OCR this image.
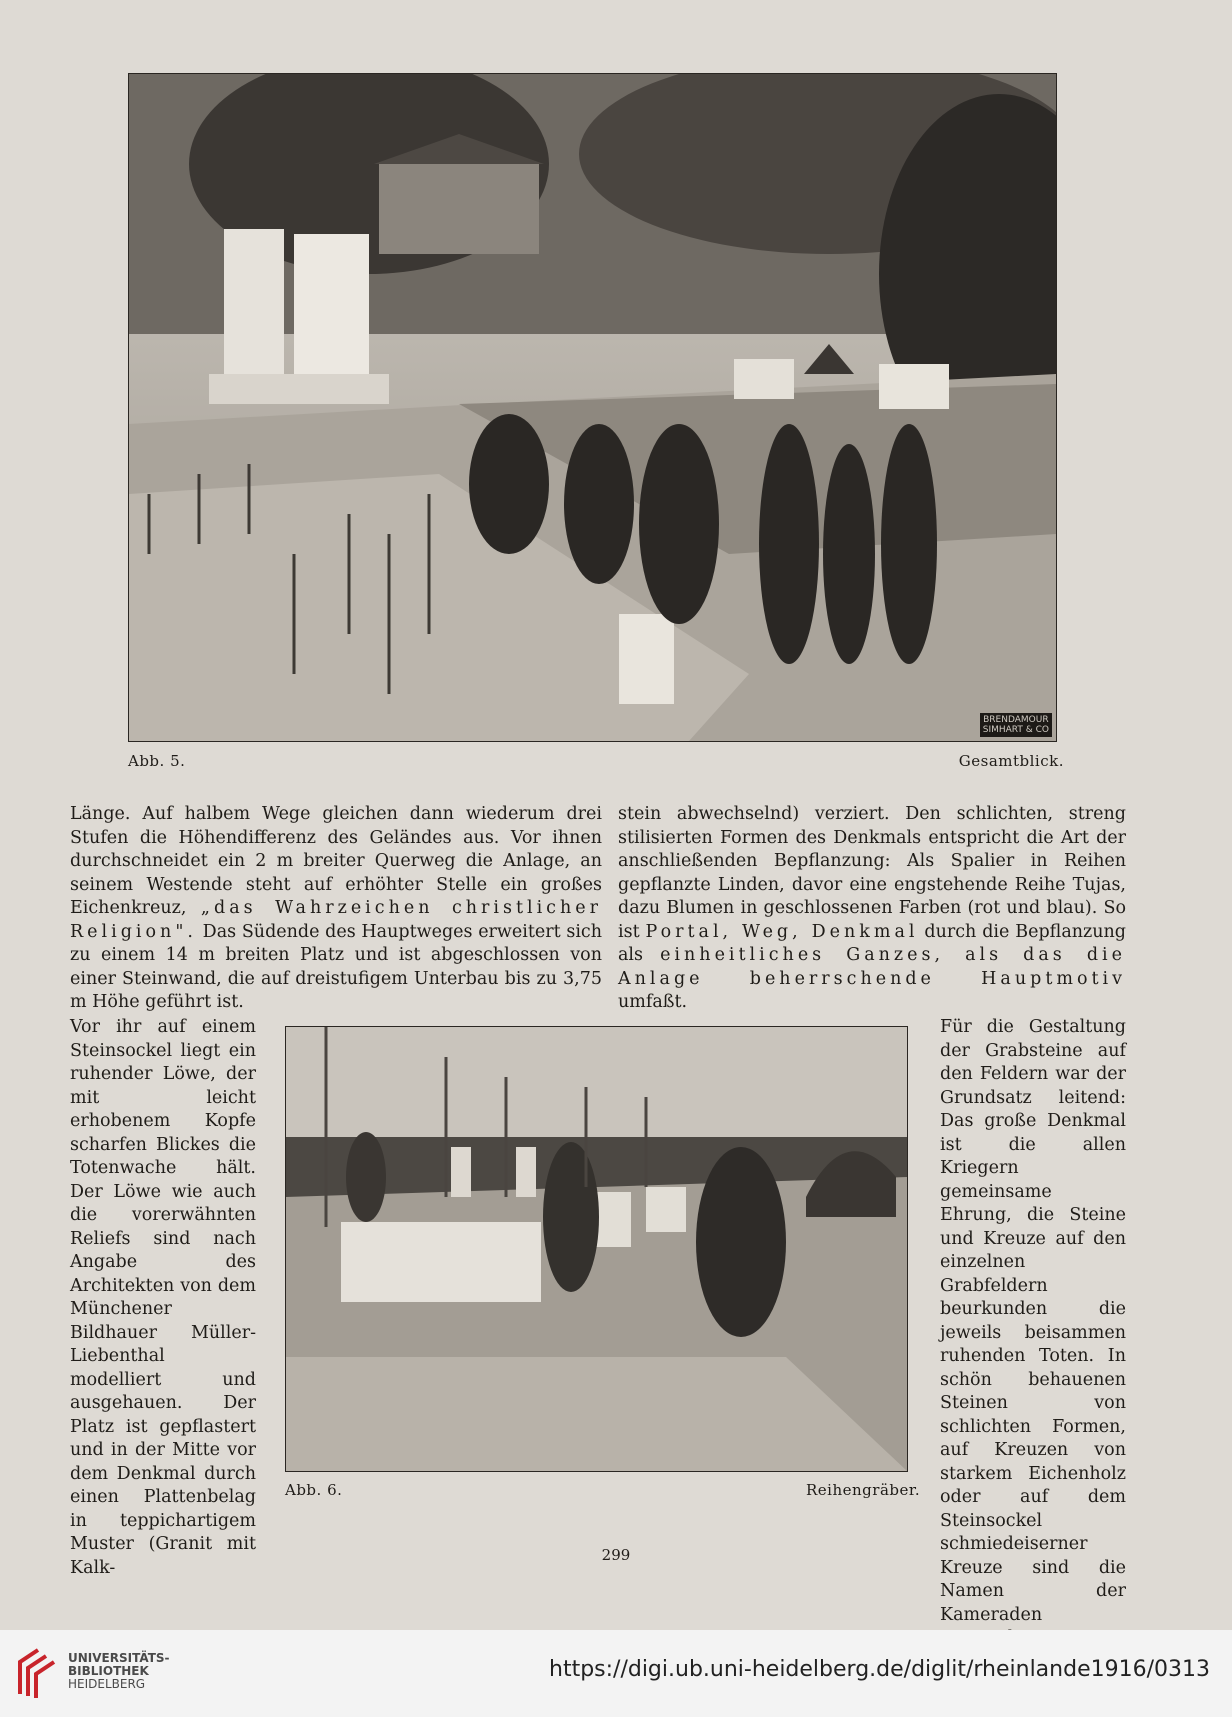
BRENDAMOUR
SIMHART & CO
Abb. 5.	Gesamtblick.

Länge. Auf halbem Wege gleichen dann wiederum drei Stufen die Höhendifferenz des Geländes aus. Vor ihnen durchschneidet ein 2 m breiter Querweg die Anlage, an seinem Westende steht auf erhöhter Stelle ein großes Eichenkreuz, „das Wahrzeichen christlicher Religion". Das Südende des Hauptweges erweitert sich zu einem 14 m breiten Platz und ist abgeschlossen von einer Steinwand, die auf dreistufigem Unterbau bis zu 3,75 m Höhe geführt ist.

stein abwechselnd) verziert. Den schlichten, streng stilisierten Formen des Denkmals entspricht die Art der anschließenden Bepflanzung: Als Spalier in Reihen gepflanzte Linden, davor eine engstehende Reihe Tujas, dazu Blumen in geschlossenen Farben (rot und blau). So ist Portal, Weg, Denkmal durch die Bepflanzung als einheitliches Ganzes, als das die Anlage beherrschende Hauptmotiv umfaßt.

Abb. 6.	Reihengräber.

Vor ihr auf einem Steinsockel liegt ein ruhender Löwe, der mit leicht erhobenem Kopfe scharfen Blickes die Totenwache hält. Der Löwe wie auch die vorerwähnten Reliefs sind nach Angabe des Architekten von dem Münchener Bildhauer Müller-Liebenthal modelliert und ausgehauen. Der Platz ist gepflastert und in der Mitte vor dem Denkmal durch einen Plattenbelag in teppichartigem Muster (Granit mit Kalk-

Für die Gestaltung der Grabsteine auf den Feldern war der Grundsatz leitend: Das große Denkmal ist die allen Kriegern gemeinsame Ehrung, die Steine und Kreuze auf den einzelnen Grabfeldern beurkunden die jeweils beisammen ruhenden Toten. In schön behauenen Steinen von schlichten Formen, auf Kreuzen von starkem Eichenholz oder auf dem Steinsockel schmiedeiserner Kreuze sind die Namen der Kameraden

299
UNIVERSITÄTS-
BIBLIOTHEK
HEIDELBERG
https://digi.ub.uni-heidelberg.de/diglit/rheinlande1916/0313
